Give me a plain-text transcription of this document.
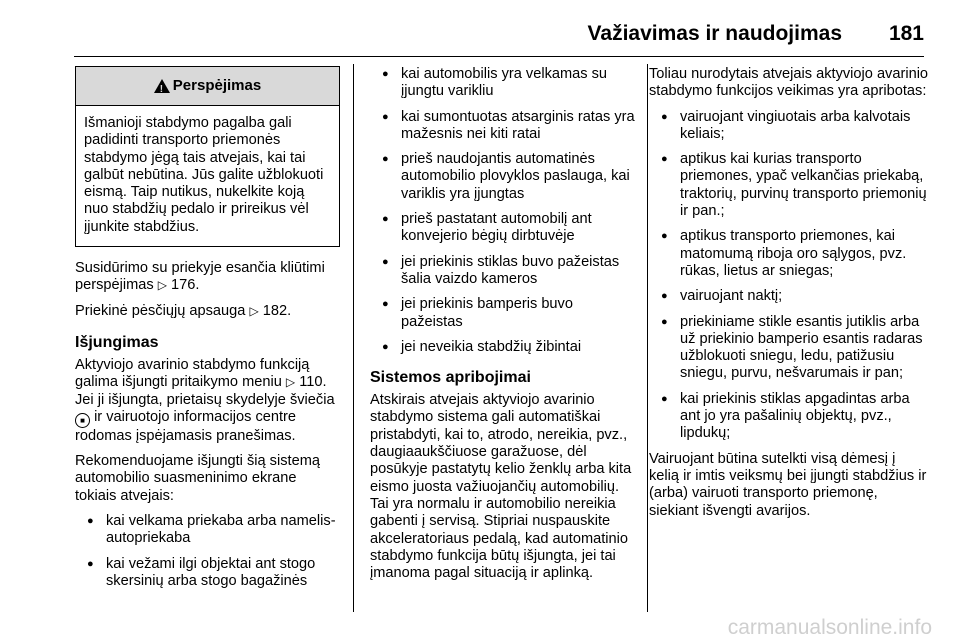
Važiavimas ir naudojimas 181
!
Perspėjimas

Išmanioji stabdymo pagalba gali padidinti transporto priemonės stabdymo jėgą tais atvejais, kai tai galbūt nebūtina. Jūs galite užblokuoti eismą. Taip nutikus, nukelkite koją nuo stabdžių pedalo ir prireikus vėl įjunkite stabdžius.

Susidūrimo su priekyje esančia kliūtimi perspėjimas ▷ 176.

Priekinė pėsčiųjų apsauga ▷ 182.

Išjungimas

Aktyviojo avarinio stabdymo funkciją galima išjungti pritaikymo meniu ▷ 110. Jei ji išjungta, prietaisų skydelyje šviečia ■ ir vairuotojo informacijos centre rodomas įspėjamasis pranešimas.

Rekomenduojame išjungti šią sistemą automobilio suasmeninimo ekrane tokiais atvejais:

● kai velkama priekaba arba namelis-autopriekaba
● kai vežami ilgi objektai ant stogo skersinių arba stogo bagažinės
● kai automobilis yra velkamas su įjungtu varikliu
● kai sumontuotas atsarginis ratas yra mažesnis nei kiti ratai
● prieš naudojantis automatinės automobilio plovyklos paslauga, kai variklis yra įjungtas
● prieš pastatant automobilį ant konvejerio bėgių dirbtuvėje
● jei priekinis stiklas buvo pažeistas šalia vaizdo kameros
● jei priekinis bamperis buvo pažeistas
● jei neveikia stabdžių žibintai
Sistemos apribojimai

Atskirais atvejais aktyviojo avarinio stabdymo sistema gali automatiškai pristabdyti, kai to, atrodo, nereikia, pvz., daugiaaukščiuose garažuose, dėl posūkyje pastatytų kelio ženklų arba kita eismo juosta važiuojančių automobilių. Tai yra normalu ir automobilio nereikia gabenti į servisą. Stipriai nuspauskite akceleratoriaus pedalą, kad automatinio stabdymo funkcija būtų išjungta, jei tai įmanoma pagal situaciją ir aplinką.

Toliau nurodytais atvejais aktyviojo avarinio stabdymo funkcijos veikimas yra apribotas:

● vairuojant vingiuotais arba kalvotais keliais;
● aptikus kai kurias transporto priemones, ypač velkančias priekabą, traktorių, purvinų transporto priemonių ir pan.;
● aptikus transporto priemones, kai matomumą riboja oro sąlygos, pvz. rūkas, lietus ar sniegas;
● vairuojant naktį;
● priekiniame stikle esantis jutiklis arba už priekinio bamperio esantis radaras užblokuoti sniegu, ledu, patižusiu sniegu, purvu, nešvarumais ir pan;
● kai priekinis stiklas apgadintas arba ant jo yra pašalinių objektų, pvz., lipdukų;

Vairuojant būtina sutelkti visą dėmesį į kelią ir imtis veiksmų bei įjungti stabdžius ir (arba) vairuoti transporto priemonę, siekiant išvengti avarijos.

carmanualsonline.info
